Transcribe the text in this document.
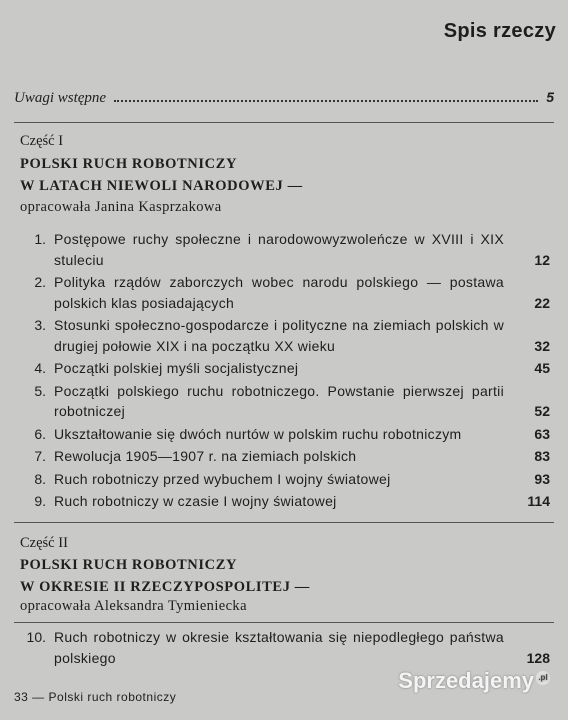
Spis rzeczy
Uwagi wstępne	5
Część I
POLSKI RUCH ROBOTNICZY
W LATACH NIEWOLI NARODOWEJ —
opracowała Janina Kasprzakowa
1. Postępowe ruchy społeczne i narodowowyzwoleńcze w XVIII i XIX stuleciu	12
2. Polityka rządów zaborczych wobec narodu polskiego — postawa polskich klas posiadających	22
3. Stosunki społeczno-gospodarcze i polityczne na ziemiach polskich w drugiej połowie XIX i na początku XX wieku	32
4. Początki polskiej myśli socjalistycznej	45
5. Początki polskiego ruchu robotniczego. Powstanie pierwszej partii robotniczej	52
6. Ukształtowanie się dwóch nurtów w polskim ruchu robotniczym	63
7. Rewolucja 1905—1907 r. na ziemiach polskich	83
8. Ruch robotniczy przed wybuchem I wojny światowej	93
9. Ruch robotniczy w czasie I wojny światowej	114
Część II
POLSKI RUCH ROBOTNICZY
W OKRESIE II RZECZYPOSPOLITEJ —
opracowała Aleksandra Tymieniecka
10. Ruch robotniczy w okresie kształtowania się niepodległego państwa polskiego	128
33 — Polski ruch robotniczy
Sprzedajemy .pl
